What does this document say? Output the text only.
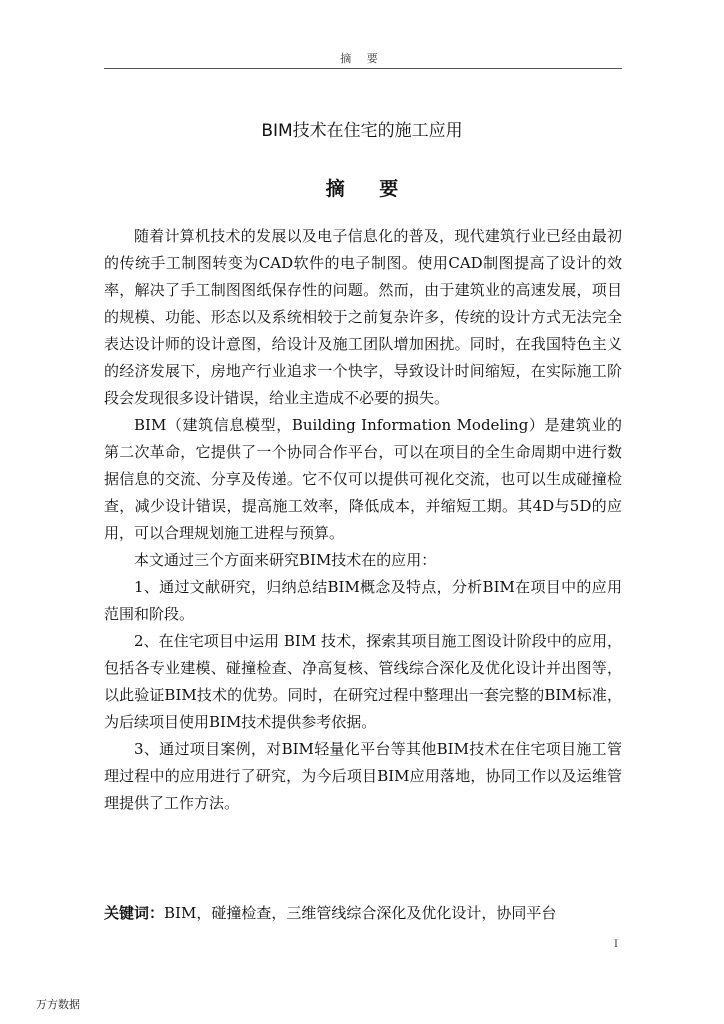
摘 要
BIM技术在住宅的施工应用
摘 要

随着计算机技术的发展以及电子信息化的普及，现代建筑行业已经由最初的传统手工制图转变为CAD软件的电子制图。使用CAD制图提高了设计的效率，解决了手工制图图纸保存性的问题。然而，由于建筑业的高速发展，项目的规模、功能、形态以及系统相较于之前复杂许多，传统的设计方式无法完全表达设计师的设计意图，给设计及施工团队增加困扰。同时，在我国特色主义的经济发展下，房地产行业追求一个快字，导致设计时间缩短，在实际施工阶段会发现很多设计错误，给业主造成不必要的损失。

BIM（建筑信息模型，Building Information Modeling）是建筑业的第二次革命，它提供了一个协同合作平台，可以在项目的全生命周期中进行数据信息的交流、分享及传递。它不仅可以提供可视化交流，也可以生成碰撞检查，减少设计错误，提高施工效率，降低成本，并缩短工期。其4D与5D的应用，可以合理规划施工进程与预算。

本文通过三个方面来研究BIM技术在的应用：

1、通过文献研究，归纳总结BIM概念及特点，分析BIM在项目中的应用范围和阶段。

2、在住宅项目中运用 BIM 技术，探索其项目施工图设计阶段中的应用，包括各专业建模、碰撞检查、净高复核、管线综合深化及优化设计并出图等，以此验证BIM技术的优势。同时，在研究过程中整理出一套完整的BIM标准，为后续项目使用BIM技术提供参考依据。

3、通过项目案例，对BIM轻量化平台等其他BIM技术在住宅项目施工管理过程中的应用进行了研究，为今后项目BIM应用落地，协同工作以及运维管理提供了工作方法。

关键词：BIM，碰撞检查，三维管线综合深化及优化设计，协同平台
I
万方数据
